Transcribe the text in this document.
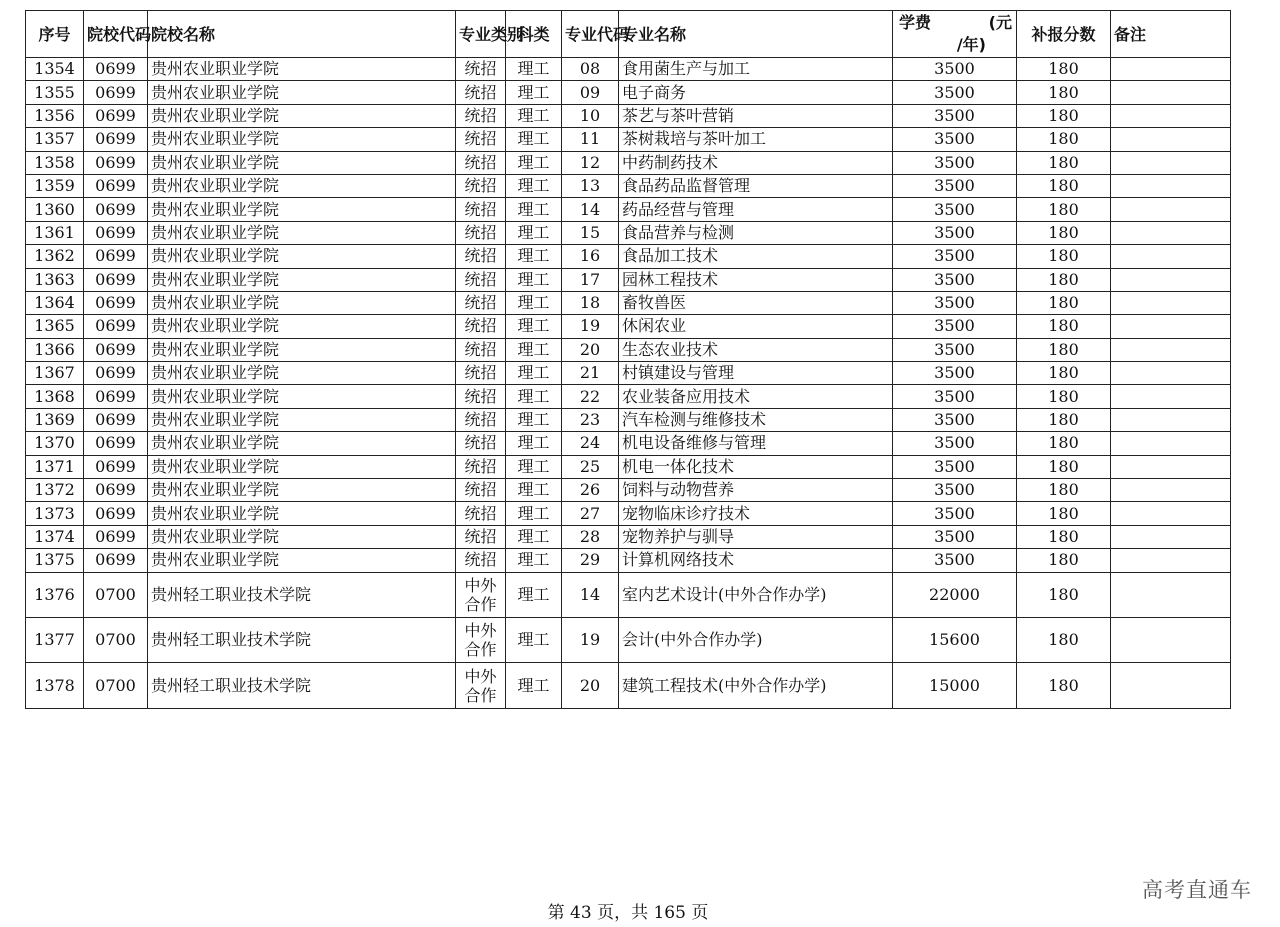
序号	院校代码	院校名称	专业类别	科类	专业代码	专业名称	学费 (元
/年)	补报分数	备注
1354	0699	贵州农业职业学院	统招	理工	08	食用菌生产与加工	3500	180	
1355	0699	贵州农业职业学院	统招	理工	09	电子商务	3500	180	
1356	0699	贵州农业职业学院	统招	理工	10	茶艺与茶叶营销	3500	180	
1357	0699	贵州农业职业学院	统招	理工	11	茶树栽培与茶叶加工	3500	180	
1358	0699	贵州农业职业学院	统招	理工	12	中药制药技术	3500	180	
1359	0699	贵州农业职业学院	统招	理工	13	食品药品监督管理	3500	180	
1360	0699	贵州农业职业学院	统招	理工	14	药品经营与管理	3500	180	
1361	0699	贵州农业职业学院	统招	理工	15	食品营养与检测	3500	180	
1362	0699	贵州农业职业学院	统招	理工	16	食品加工技术	3500	180	
1363	0699	贵州农业职业学院	统招	理工	17	园林工程技术	3500	180	
1364	0699	贵州农业职业学院	统招	理工	18	畜牧兽医	3500	180	
1365	0699	贵州农业职业学院	统招	理工	19	休闲农业	3500	180	
1366	0699	贵州农业职业学院	统招	理工	20	生态农业技术	3500	180	
1367	0699	贵州农业职业学院	统招	理工	21	村镇建设与管理	3500	180	
1368	0699	贵州农业职业学院	统招	理工	22	农业装备应用技术	3500	180	
1369	0699	贵州农业职业学院	统招	理工	23	汽车检测与维修技术	3500	180	
1370	0699	贵州农业职业学院	统招	理工	24	机电设备维修与管理	3500	180	
1371	0699	贵州农业职业学院	统招	理工	25	机电一体化技术	3500	180	
1372	0699	贵州农业职业学院	统招	理工	26	饲料与动物营养	3500	180	
1373	0699	贵州农业职业学院	统招	理工	27	宠物临床诊疗技术	3500	180	
1374	0699	贵州农业职业学院	统招	理工	28	宠物养护与驯导	3500	180	
1375	0699	贵州农业职业学院	统招	理工	29	计算机网络技术	3500	180	
1376	0700	贵州轻工职业技术学院	中外合作	理工	14	室内艺术设计(中外合作办学)	22000	180	
1377	0700	贵州轻工职业技术学院	中外合作	理工	19	会计(中外合作办学)	15600	180	
1378	0700	贵州轻工职业技术学院	中外合作	理工	20	建筑工程技术(中外合作办学)	15000	180	
第 43 页，共 165 页
高考直通车
